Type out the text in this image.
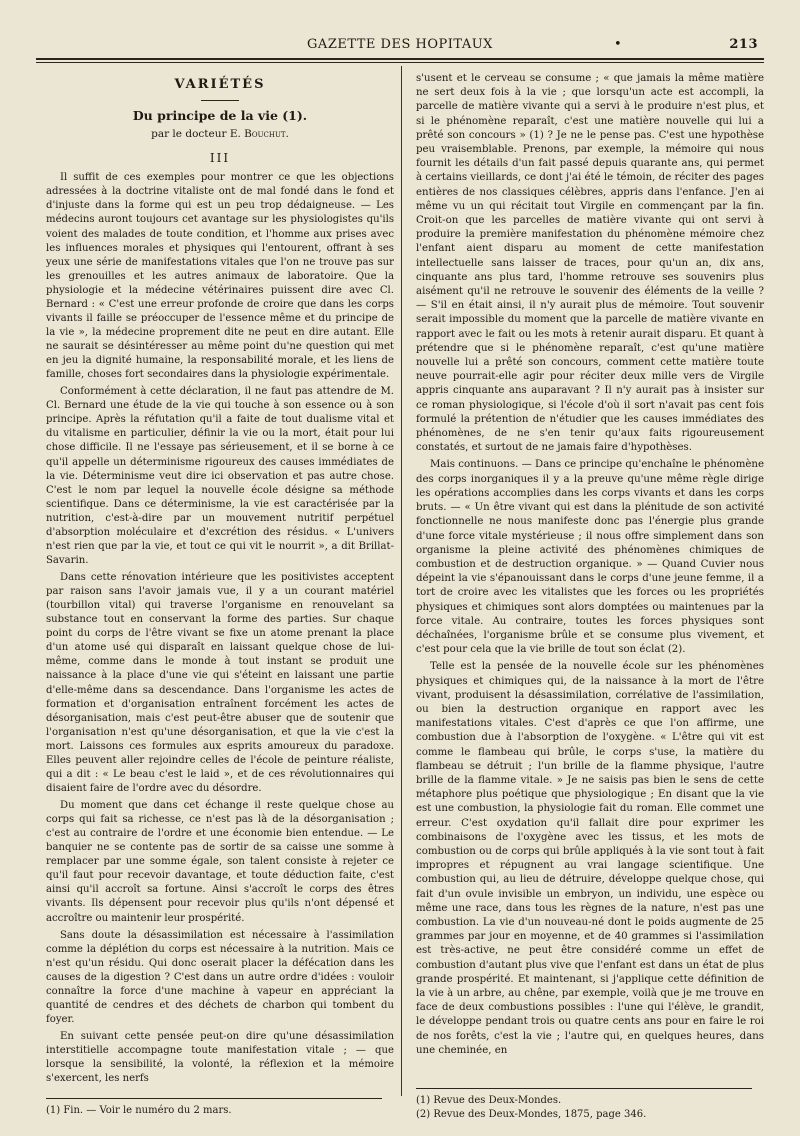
GAZETTE DES HOPITAUX	•	213
VARIÉTÉS
Du principe de la vie (1).
par le docteur E. Bouchut.
III

Il suffit de ces exemples pour montrer ce que les objections adressées à la doctrine vitaliste ont de mal fondé dans le fond et d'injuste dans la forme qui est un peu trop dédaigneuse. — Les médecins auront toujours cet avantage sur les physiologistes qu'ils voient des malades de toute condition, et l'homme aux prises avec les influences morales et physiques qui l'entourent, offrant à ses yeux une série de manifestations vitales que l'on ne trouve pas sur les grenouilles et les autres animaux de laboratoire. Que la physiologie et la médecine vétérinaires puissent dire avec Cl. Bernard : « C'est une erreur profonde de croire que dans les corps vivants il faille se préoccuper de l'essence même et du principe de la vie », la médecine proprement dite ne peut en dire autant. Elle ne saurait se désintéresser au même point du'ne question qui met en jeu la dignité humaine, la responsabilité morale, et les liens de famille, choses fort secondaires dans la physiologie expérimentale.

Conformément à cette déclaration, il ne faut pas attendre de M. Cl. Bernard une étude de la vie qui touche à son essence ou à son principe. Après la réfutation qu'il a faite de tout dualisme vital et du vitalisme en particulier, définir la vie ou la mort, était pour lui chose difficile. Il ne l'essaye pas sérieusement, et il se borne à ce qu'il appelle un déterminisme rigoureux des causes immédiates de la vie. Déterminisme veut dire ici observation et pas autre chose. C'est le nom par lequel la nouvelle école désigne sa méthode scientifique. Dans ce déterminisme, la vie est caractérisée par la nutrition, c'est-à-dire par un mouvement nutritif perpétuel d'absorption moléculaire et d'excrétion des résidus. « L'univers n'est rien que par la vie, et tout ce qui vit le nourrit », a dit Brillat-Savarin.

Dans cette rénovation intérieure que les positivistes acceptent par raison sans l'avoir jamais vue, il y a un courant matériel (tourbillon vital) qui traverse l'organisme en renouvelant sa substance tout en conservant la forme des parties. Sur chaque point du corps de l'être vivant se fixe un atome prenant la place d'un atome usé qui disparaît en laissant quelque chose de lui-même, comme dans le monde à tout instant se produit une naissance à la place d'une vie qui s'éteint en laissant une partie d'elle-même dans sa descendance. Dans l'organisme les actes de formation et d'organisation entraînent forcément les actes de désorganisation, mais c'est peut-être abuser que de soutenir que l'organisation n'est qu'une désorganisation, et que la vie c'est la mort. Laissons ces formules aux esprits amoureux du paradoxe. Elles peuvent aller rejoindre celles de l'école de peinture réaliste, qui a dit : « Le beau c'est le laid », et de ces révolutionnaires qui disaient faire de l'ordre avec du désordre.

Du moment que dans cet échange il reste quelque chose au corps qui fait sa richesse, ce n'est pas là de la désorganisation ; c'est au contraire de l'ordre et une économie bien entendue. — Le banquier ne se contente pas de sortir de sa caisse une somme à remplacer par une somme égale, son talent consiste à rejeter ce qu'il faut pour recevoir davantage, et toute déduction faite, c'est ainsi qu'il accroît sa fortune. Ainsi s'accroît le corps des êtres vivants. Ils dépensent pour recevoir plus qu'ils n'ont dépensé et accroître ou maintenir leur prospérité.

Sans doute la désassimilation est nécessaire à l'assimilation comme la déplétion du corps est nécessaire à la nutrition. Mais ce n'est qu'un résidu. Qui donc oserait placer la défécation dans les causes de la digestion ? C'est dans un autre ordre d'idées : vouloir connaître la force d'une machine à vapeur en appréciant la quantité de cendres et des déchets de charbon qui tombent du foyer.

En suivant cette pensée peut-on dire qu'une désassimilation interstitielle accompagne toute manifestation vitale ; — que lorsque la sensibilité, la volonté, la réflexion et la mémoire s'exercent, les nerfs

s'usent et le cerveau se consume ; « que jamais la même matière ne sert deux fois à la vie ; que lorsqu'un acte est accompli, la parcelle de matière vivante qui a servi à le produire n'est plus, et si le phénomène reparaît, c'est une matière nouvelle qui lui a prêté son concours » (1) ? Je ne le pense pas. C'est une hypothèse peu vraisemblable. Prenons, par exemple, la mémoire qui nous fournit les détails d'un fait passé depuis quarante ans, qui permet à certains vieillards, ce dont j'ai été le témoin, de réciter des pages entières de nos classiques célèbres, appris dans l'enfance. J'en ai même vu un qui récitait tout Virgile en commençant par la fin. Croit-on que les parcelles de matière vivante qui ont servi à produire la première manifestation du phénomène mémoire chez l'enfant aient disparu au moment de cette manifestation intellectuelle sans laisser de traces, pour qu'un an, dix ans, cinquante ans plus tard, l'homme retrouve ses souvenirs plus aisément qu'il ne retrouve le souvenir des éléments de la veille ? — S'il en était ainsi, il n'y aurait plus de mémoire. Tout souvenir serait impossible du moment que la parcelle de matière vivante en rapport avec le fait ou les mots à retenir aurait disparu. Et quant à prétendre que si le phénomène reparaît, c'est qu'une matière nouvelle lui a prêté son concours, comment cette matière toute neuve pourrait-elle agir pour réciter deux mille vers de Virgile appris cinquante ans auparavant ? Il n'y aurait pas à insister sur ce roman physiologique, si l'école d'où il sort n'avait pas cent fois formulé la prétention de n'étudier que les causes immédiates des phénomènes, de ne s'en tenir qu'aux faits rigoureusement constatés, et surtout de ne jamais faire d'hypothèses.

Mais continuons. — Dans ce principe qu'enchaîne le phénomène des corps inorganiques il y a la preuve qu'une même règle dirige les opérations accomplies dans les corps vivants et dans les corps bruts. — « Un être vivant qui est dans la plénitude de son activité fonctionnelle ne nous manifeste donc pas l'énergie plus grande d'une force vitale mystérieuse ; il nous offre simplement dans son organisme la pleine activité des phénomènes chimiques de combustion et de destruction organique. » — Quand Cuvier nous dépeint la vie s'épanouissant dans le corps d'une jeune femme, il a tort de croire avec les vitalistes que les forces ou les propriétés physiques et chimiques sont alors domptées ou maintenues par la force vitale. Au contraire, toutes les forces physiques sont déchaînées, l'organisme brûle et se consume plus vivement, et c'est pour cela que la vie brille de tout son éclat (2).

Telle est la pensée de la nouvelle école sur les phénomènes physiques et chimiques qui, de la naissance à la mort de l'être vivant, produisent la désassimilation, corrélative de l'assimilation, ou bien la destruction organique en rapport avec les manifestations vitales. C'est d'après ce que l'on affirme, une combustion due à l'absorption de l'oxygène. « L'être qui vit est comme le flambeau qui brûle, le corps s'use, la matière du flambeau se détruit ; l'un brille de la flamme physique, l'autre brille de la flamme vitale. » Je ne saisis pas bien le sens de cette métaphore plus poétique que physiologique ; En disant que la vie est une combustion, la physiologie fait du roman. Elle commet une erreur. C'est oxydation qu'il fallait dire pour exprimer les combinaisons de l'oxygène avec les tissus, et les mots de combustion ou de corps qui brûle appliqués à la vie sont tout à fait impropres et répugnent au vrai langage scientifique. Une combustion qui, au lieu de détruire, développe quelque chose, qui fait d'un ovule invisible un embryon, un individu, une espèce ou même une race, dans tous les règnes de la nature, n'est pas une combustion. La vie d'un nouveau-né dont le poids augmente de 25 grammes par jour en moyenne, et de 40 grammes si l'assimilation est très-active, ne peut être considéré comme un effet de combustion d'autant plus vive que l'enfant est dans un état de plus grande prospérité. Et maintenant, si j'applique cette définition de la vie à un arbre, au chêne, par exemple, voilà que je me trouve en face de deux combustions possibles : l'une qui l'élève, le grandit, le développe pendant trois ou quatre cents ans pour en faire le roi de nos forêts, c'est la vie ; l'autre qui, en quelques heures, dans une cheminée, en

(1) Fin. — Voir le numéro du 2 mars.
(1) Revue des Deux-Mondes.
(2) Revue des Deux-Mondes, 1875, page 346.
